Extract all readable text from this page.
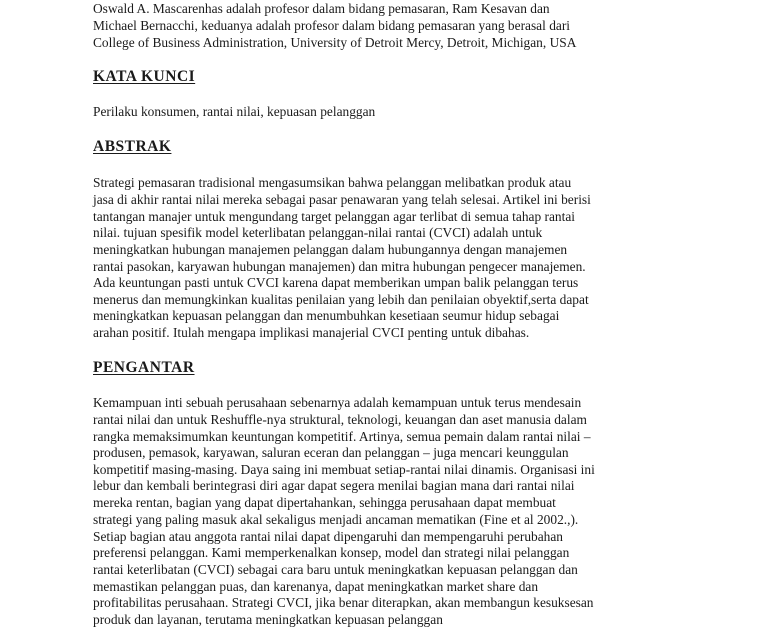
Oswald A. Mascarenhas adalah profesor dalam bidang pemasaran, Ram Kesavan dan
Michael Bernacchi, keduanya adalah profesor dalam bidang pemasaran yang berasal dari
College of Business Administration, University of Detroit Mercy, Detroit, Michigan, USA
KATA KUNCI
Perilaku konsumen, rantai nilai, kepuasan pelanggan
ABSTRAK
Strategi pemasaran tradisional mengasumsikan bahwa pelanggan melibatkan produk atau
jasa di akhir rantai nilai mereka sebagai pasar penawaran yang telah selesai. Artikel ini berisi
tantangan manajer untuk mengundang target pelanggan agar terlibat di semua tahap rantai
nilai. tujuan spesifik model keterlibatan pelanggan-nilai rantai (CVCI) adalah untuk
meningkatkan hubungan manajemen pelanggan dalam hubungannya dengan manajemen
rantai pasokan, karyawan hubungan manajemen) dan mitra hubungan pengecer manajemen.
Ada keuntungan pasti untuk CVCI karena dapat memberikan umpan balik pelanggan terus
menerus dan memungkinkan kualitas penilaian yang lebih dan penilaian obyektif,serta dapat
meningkatkan kepuasan pelanggan dan menumbuhkan kesetiaan seumur hidup sebagai
arahan positif. Itulah mengapa implikasi manajerial CVCI penting untuk dibahas.
PENGANTAR
Kemampuan inti sebuah perusahaan sebenarnya adalah kemampuan untuk terus mendesain
rantai nilai dan untuk Reshuffle-nya struktural, teknologi, keuangan dan aset manusia dalam
rangka memaksimumkan keuntungan kompetitif. Artinya, semua pemain dalam rantai nilai –
produsen, pemasok, karyawan, saluran eceran dan pelanggan – juga mencari keunggulan
kompetitif masing-masing. Daya saing ini membuat setiap-rantai nilai dinamis. Organisasi ini
lebur dan kembali berintegrasi diri agar dapat segera menilai bagian mana dari rantai nilai
mereka rentan, bagian yang dapat dipertahankan, sehingga perusahaan dapat membuat
strategi yang paling masuk akal sekaligus menjadi ancaman mematikan (Fine et al 2002.,).
Setiap bagian atau anggota rantai nilai dapat dipengaruhi dan mempengaruhi perubahan
preferensi pelanggan. Kami memperkenalkan konsep, model dan strategi nilai pelanggan
rantai keterlibatan (CVCI) sebagai cara baru untuk meningkatkan kepuasan pelanggan dan
memastikan pelanggan puas, dan karenanya, dapat meningkatkan market share dan
profitabilitas perusahaan. Strategi CVCI, jika benar diterapkan, akan membangun kesuksesan
produk dan layanan, terutama meningkatkan kepuasan pelanggan
